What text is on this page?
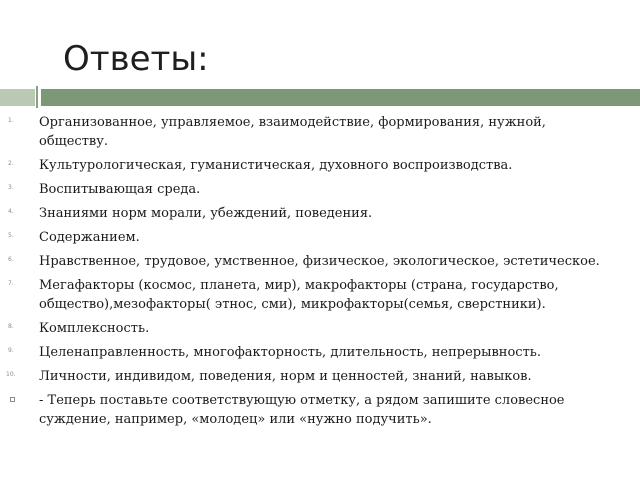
Ответы:
1.	Организованное, управляемое, взаимодействие, формирования, нужной, обществу.
2.	Культурологическая, гуманистическая, духовного воспроизводства.
3.	Воспитывающая среда.
4.	Знаниями норм морали, убеждений, поведения.
5.	Содержанием.
6.	Нравственное, трудовое, умственное, физическое, экологическое, эстетическое.
7.	Мегафакторы (космос, планета, мир), макрофакторы (страна, государство, общество),мезофакторы( этнос, сми), микрофакторы(семья, сверстники).
8.	Комплексность.
9.	Целенаправленность, многофакторность, длительность, непрерывность.
10.	Личности, индивидом, поведения, норм и ценностей, знаний, навыков.
- Теперь поставьте соответствующую отметку, а рядом запишите словесное суждение, например, «молодец» или «нужно подучить».
